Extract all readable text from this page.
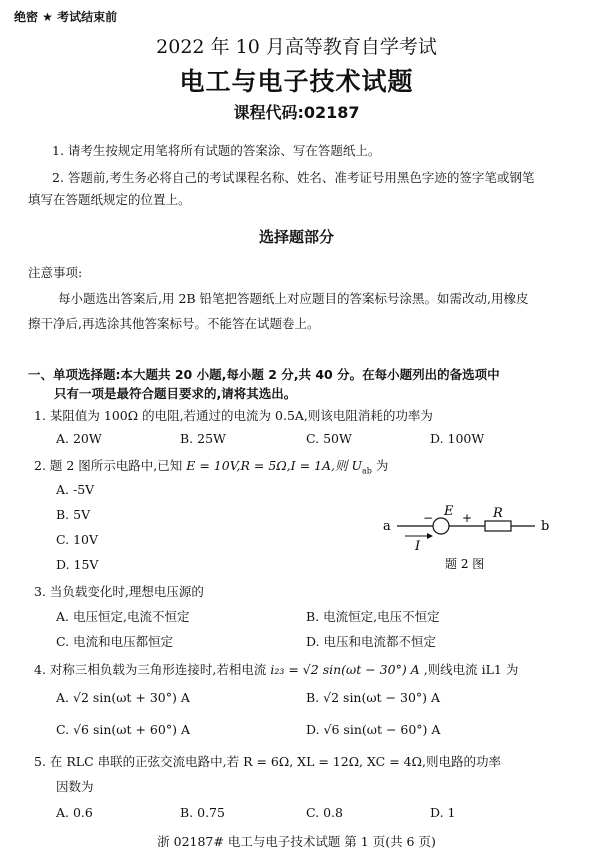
绝密 ★ 考试结束前
2022 年 10 月高等教育自学考试
电工与电子技术试题
课程代码:02187
1. 请考生按规定用笔将所有试题的答案涂、写在答题纸上。
2. 答题前,考生务必将自己的考试课程名称、姓名、准考证号用黑色字迹的签字笔或钢笔
填写在答题纸规定的位置上。
选择题部分
注意事项:
每小题选出答案后,用 2B 铅笔把答题纸上对应题目的答案标号涂黑。如需改动,用橡皮
擦干净后,再选涂其他答案标号。不能答在试题卷上。
一、单项选择题:本大题共 20 小题,每小题 2 分,共 40 分。在每小题列出的备选项中
只有一项是最符合题目要求的,请将其选出。
1. 某阻值为 100Ω 的电阻,若通过的电流为 0.5A,则该电阻消耗的功率为
A. 20W	B. 25W	C. 50W	D. 100W
2. 题 2 图所示电路中,已知 E = 10V,R = 5Ω,I = 1A,则 $U_{ab}$ 为
A. -5V
B. 5V
C. 10V
D. 15V
a
− E + R
b
I
题 2 图
3. 当负载变化时,理想电压源的
A. 电压恒定,电流不恒定	B. 电流恒定,电压不恒定
C. 电流和电压都恒定	D. 电压和电流都不恒定
4. 对称三相负载为三角形连接时,若相电流 i₂₃ = √2 sin(ωt − 30°) A ,则线电流 iL1 为
A. √2 sin(ωt + 30°) A	B. √2 sin(ωt − 30°) A
C. √6 sin(ωt + 60°) A	D. √6 sin(ωt − 60°) A
5. 在 RLC 串联的正弦交流电路中,若 R = 6Ω, XL = 12Ω, XC = 4Ω,则电路的功率
因数为
A. 0.6	B. 0.75	C. 0.8	D. 1
浙 02187# 电工与电子技术试题 第 1 页(共 6 页)
